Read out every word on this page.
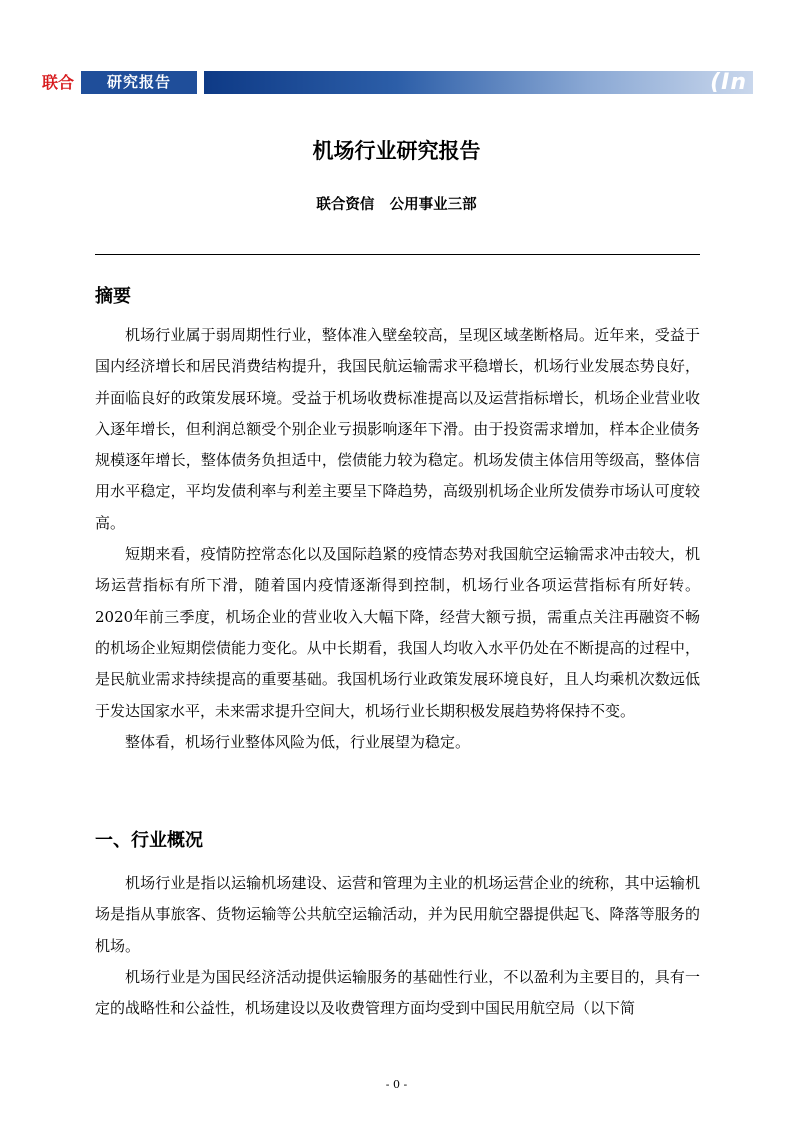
联合	研究报告	(In
机场行业研究报告
联合资信   公用事业三部
摘要

机场行业属于弱周期性行业，整体准入壁垒较高，呈现区域垄断格局。近年来，受益于国内经济增长和居民消费结构提升，我国民航运输需求平稳增长，机场行业发展态势良好，并面临良好的政策发展环境。受益于机场收费标准提高以及运营指标增长，机场企业营业收入逐年增长，但利润总额受个别企业亏损影响逐年下滑。由于投资需求增加，样本企业债务规模逐年增长，整体债务负担适中，偿债能力较为稳定。机场发债主体信用等级高，整体信用水平稳定，平均发债利率与利差主要呈下降趋势，高级别机场企业所发债券市场认可度较高。

短期来看，疫情防控常态化以及国际趋紧的疫情态势对我国航空运输需求冲击较大，机场运营指标有所下滑，随着国内疫情逐渐得到控制，机场行业各项运营指标有所好转。2020年前三季度，机场企业的营业收入大幅下降，经营大额亏损，需重点关注再融资不畅的机场企业短期偿债能力变化。从中长期看，我国人均收入水平仍处在不断提高的过程中，是民航业需求持续提高的重要基础。我国机场行业政策发展环境良好，且人均乘机次数远低于发达国家水平，未来需求提升空间大，机场行业长期积极发展趋势将保持不变。

整体看，机场行业整体风险为低，行业展望为稳定。

一、行业概况

机场行业是指以运输机场建设、运营和管理为主业的机场运营企业的统称，其中运输机场是指从事旅客、货物运输等公共航空运输活动，并为民用航空器提供起飞、降落等服务的机场。

机场行业是为国民经济活动提供运输服务的基础性行业，不以盈利为主要目的，具有一定的战略性和公益性，机场建设以及收费管理方面均受到中国民用航空局（以下简

- 0 -
